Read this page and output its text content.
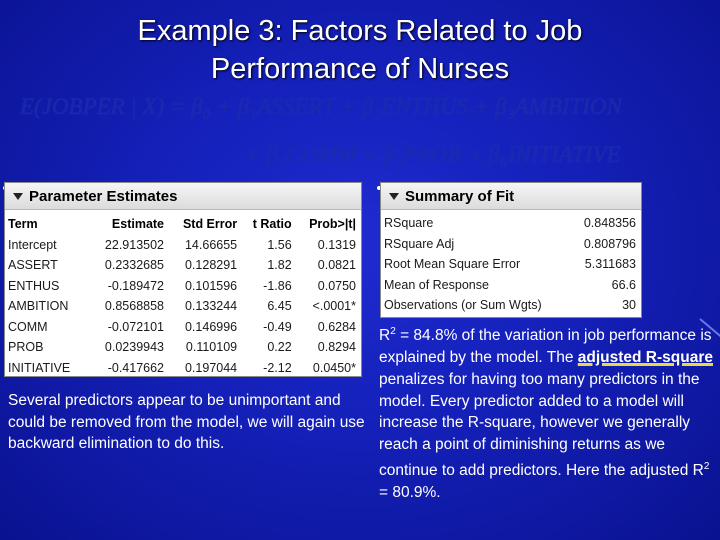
Example 3: Factors Related to Job
Performance of Nurses
E(JOBPER | X) = β₀ + β₁ASSERT + β₂ENTHUS + β₃AMBITION
+ β₄COMM + β₅PROB + β₆INITIATIVE
Parameter Estimates
Term	Estimate	Std Error	t Ratio	Prob>|t|
Intercept	22.913502	14.66655	1.56	0.1319
ASSERT	0.2332685	0.128291	1.82	0.0821
ENTHUS	-0.189472	0.101596	-1.86	0.0750
AMBITION	0.8568858	0.133244	6.45	<.0001*
COMM	-0.072101	0.146996	-0.49	0.6284
PROB	0.0239943	0.110109	0.22	0.8294
INITIATIVE	-0.417662	0.197044	-2.12	0.0450*
Summary of Fit
RSquare	0.848356
RSquare Adj	0.808796
Root Mean Square Error	5.311683
Mean of Response	66.6
Observations (or Sum Wgts)	30
Several predictors appear to be unimportant and could be removed from the model, we will again use backward elimination to do this.
$R^2 = 84.8\%$ of the variation in job performance is explained by the model. The adjusted R-square penalizes for having too many predictors in the model. Every predictor added to a model will increase the R-square, however we generally reach a point of diminishing returns as we continue to add predictors. Here the adjusted $R^2 = 80.9\%$.
